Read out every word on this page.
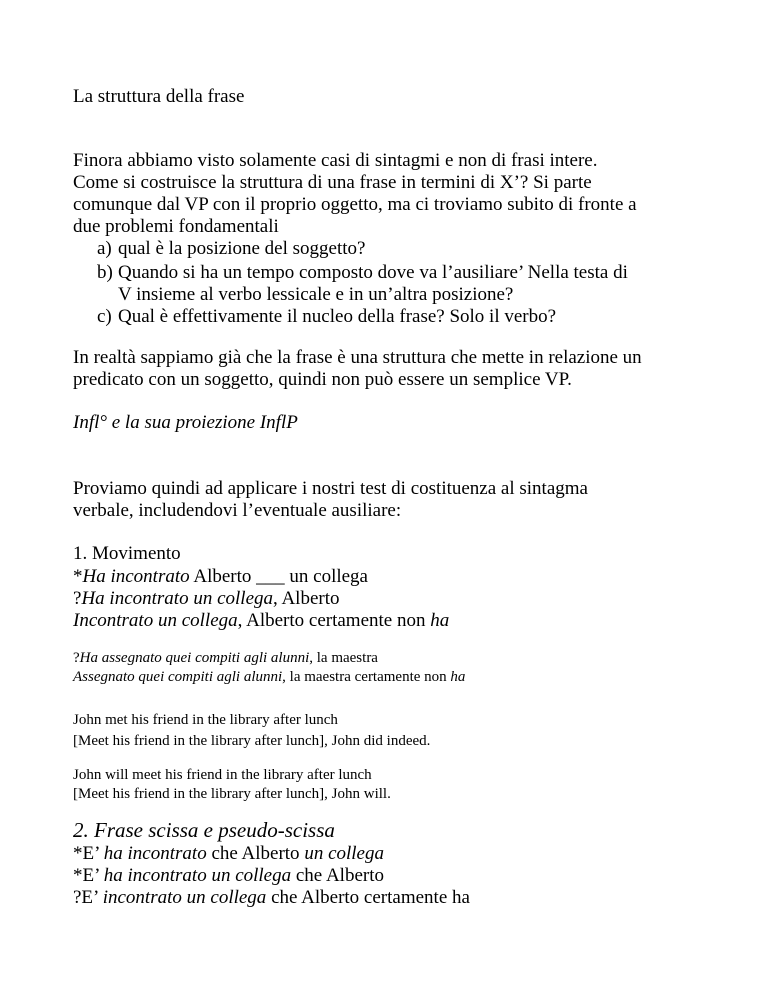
La struttura della frase
Finora abbiamo visto solamente casi di sintagmi e non di frasi intere.
Come si costruisce la struttura di una frase in termini di X’? Si parte
comunque dal VP con il proprio oggetto, ma ci troviamo subito di fronte a
due problemi fondamentali
a) qual è la posizione del soggetto?
b) Quando si ha un tempo composto dove va l’ausiliare’ Nella testa di
V insieme al verbo lessicale e in un’altra posizione?
c) Qual è effettivamente il nucleo della frase? Solo il verbo?
In realtà sappiamo già che la frase è una struttura che mette in relazione un
predicato con un soggetto, quindi non può essere un semplice VP.
Infl° e la sua proiezione InflP
Proviamo quindi ad applicare i nostri test di costituenza al sintagma
verbale, includendovi l’eventuale ausiliare:
1. Movimento
*Ha incontrato Alberto ___ un collega
?Ha incontrato un collega, Alberto
Incontrato un collega, Alberto certamente non ha
?Ha assegnato quei compiti agli alunni, la maestra
Assegnato quei compiti agli alunni, la maestra certamente non ha
John met his friend in the library after lunch
[Meet his friend in the library after lunch], John did indeed.
John will meet his friend in the library after lunch
[Meet his friend in the library after lunch], John will.
2. Frase scissa e pseudo-scissa
*E’ ha incontrato che Alberto un collega
*E’ ha incontrato un collega che Alberto
?E’ incontrato un collega che Alberto certamente ha
